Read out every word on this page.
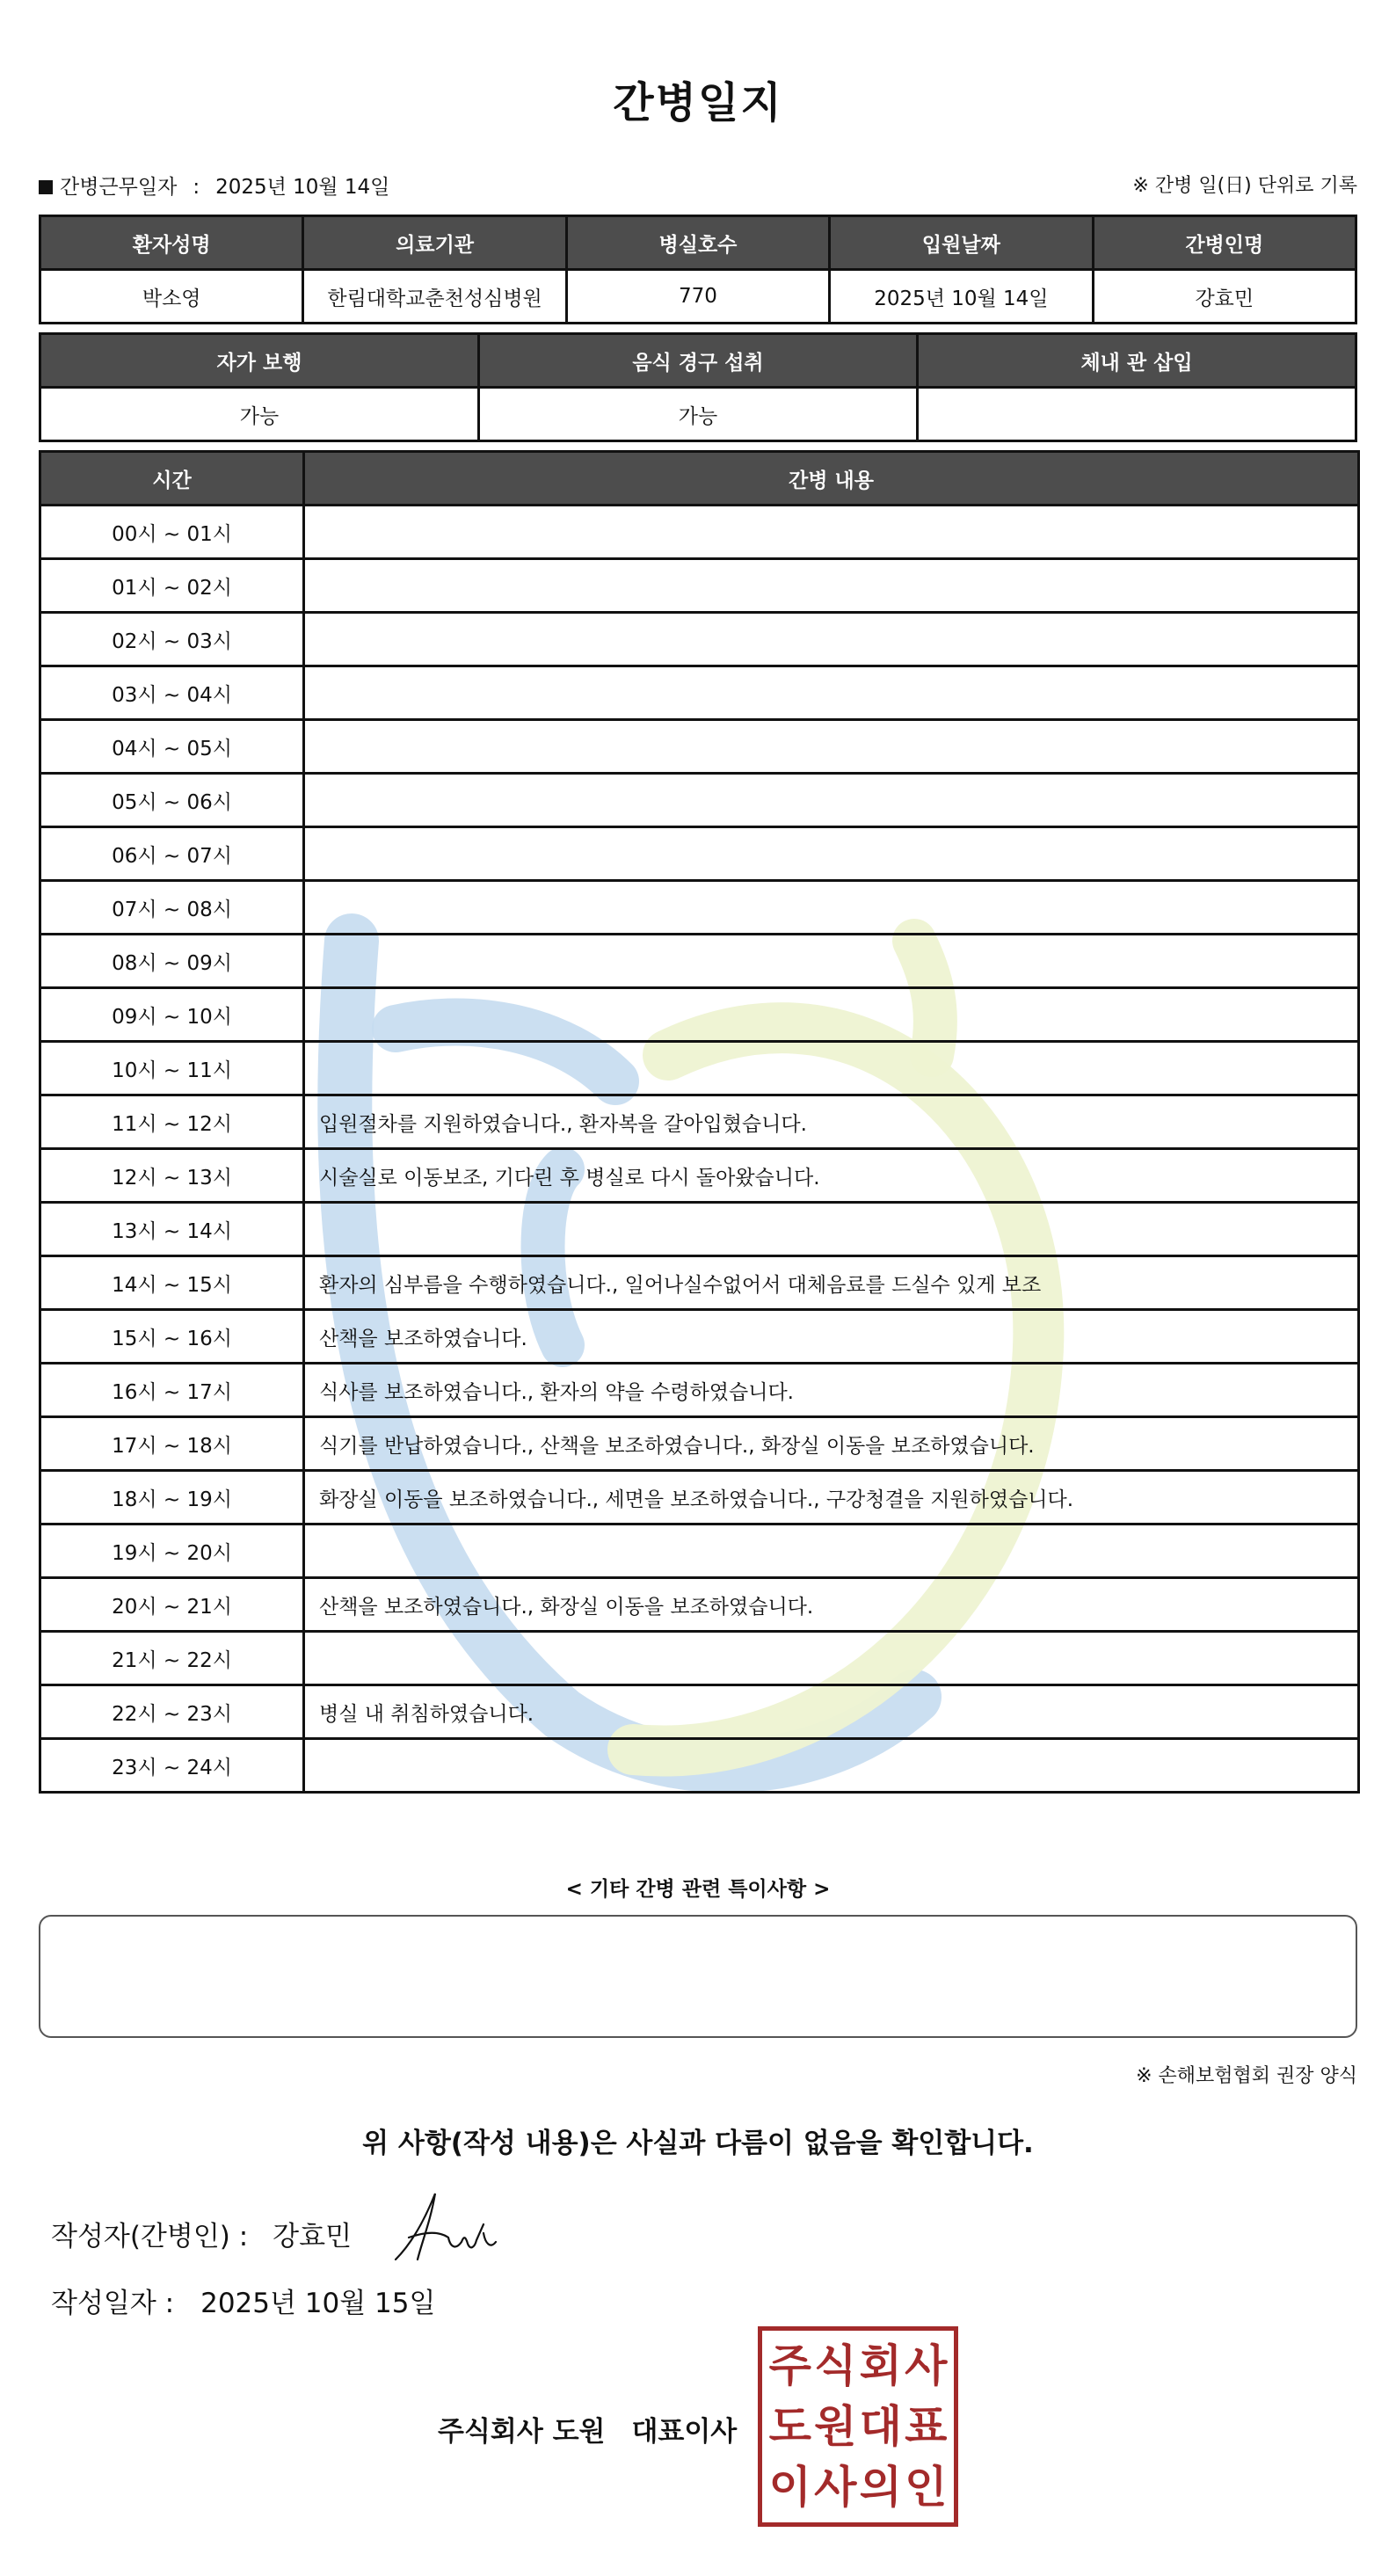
간병일지
간병근무일자 : 2025년 10월 14일	※ 간병 일(日) 단위로 기록
환자성명	의료기관	병실호수	입원날짜	간병인명
박소영	한림대학교춘천성심병원	770	2025년 10월 14일	강효민
자가 보행	음식 경구 섭취	체내 관 삽입
가능	가능	
시간	간병 내용
00시 ~ 01시	
01시 ~ 02시	
02시 ~ 03시	
03시 ~ 04시	
04시 ~ 05시	
05시 ~ 06시	
06시 ~ 07시	
07시 ~ 08시	
08시 ~ 09시	
09시 ~ 10시	
10시 ~ 11시	
11시 ~ 12시	입원절차를 지원하였습니다., 환자복을 갈아입혔습니다.
12시 ~ 13시	시술실로 이동보조, 기다린 후 병실로 다시 돌아왔습니다.
13시 ~ 14시	
14시 ~ 15시	환자의 심부름을 수행하였습니다., 일어나실수없어서 대체음료를 드실수 있게 보조
15시 ~ 16시	산책을 보조하였습니다.
16시 ~ 17시	식사를 보조하였습니다., 환자의 약을 수령하였습니다.
17시 ~ 18시	식기를 반납하였습니다., 산책을 보조하였습니다., 화장실 이동을 보조하였습니다.
18시 ~ 19시	화장실 이동을 보조하였습니다., 세면을 보조하였습니다., 구강청결을 지원하였습니다.
19시 ~ 20시	
20시 ~ 21시	산책을 보조하였습니다., 화장실 이동을 보조하였습니다.
21시 ~ 22시	
22시 ~ 23시	병실 내 취침하였습니다.
23시 ~ 24시	
< 기타 간병 관련 특이사항 >
※ 손해보험협회 권장 양식
위 사항(작성 내용)은 사실과 다름이 없음을 확인합니다.
작성자(간병인) : 강효민
작성일자 : 2025년 10월 15일
주식회사 도원 대표이사
주 식 회 사
도 원 대 표
이 사 의 인
